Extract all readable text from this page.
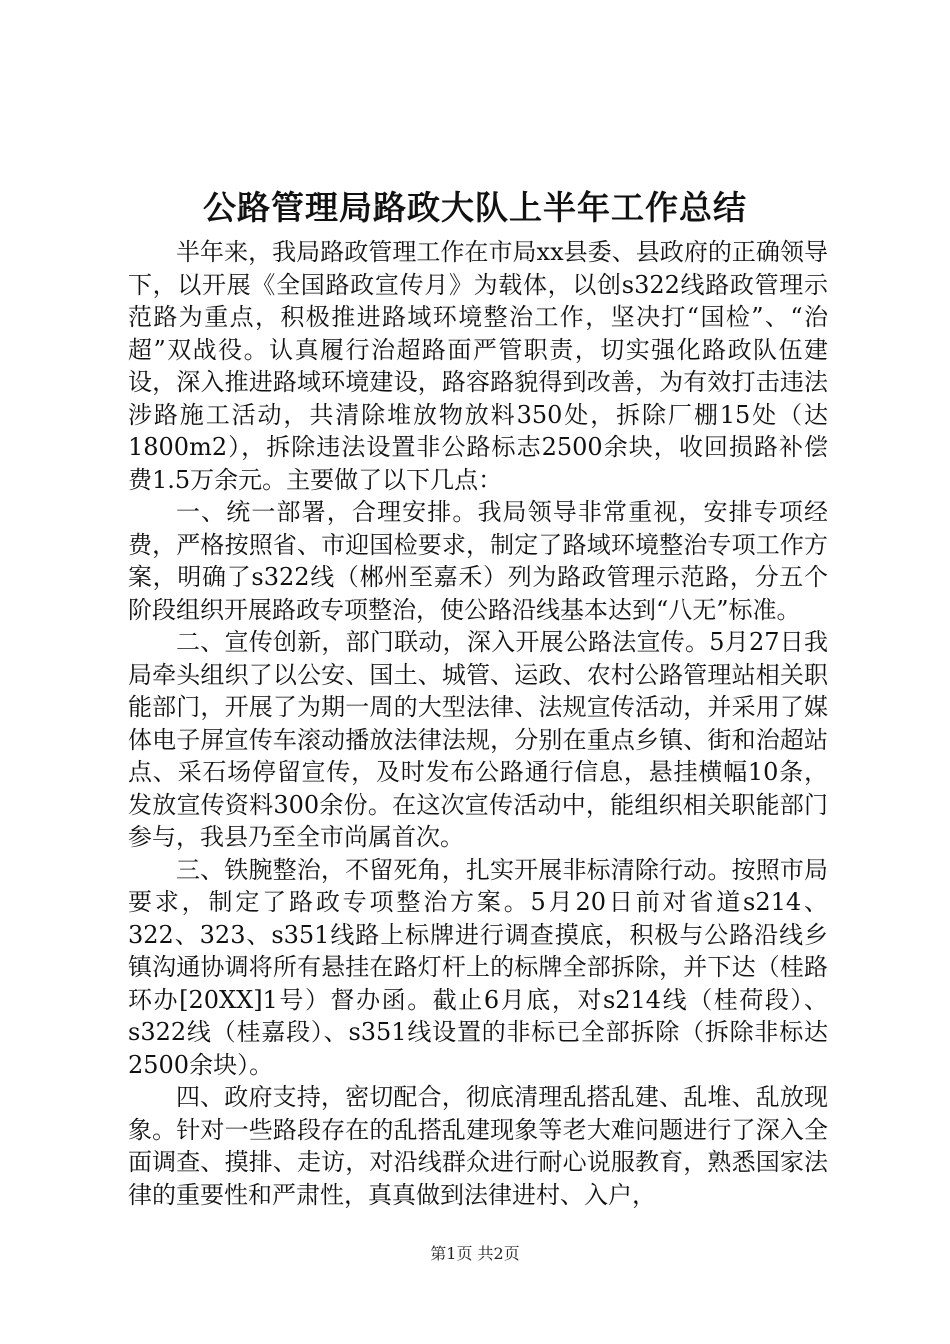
公路管理局路政大队上半年工作总结

半年来，我局路政管理工作在市局xx县委、县政府的正确领导下，以开展《全国路政宣传月》为载体，以创s322线路政管理示范路为重点，积极推进路域环境整治工作，坚决打“国检”、“治超”双战役。认真履行治超路面严管职责，切实强化路政队伍建设，深入推进路域环境建设，路容路貌得到改善，为有效打击违法涉路施工活动，共清除堆放物放料350处，拆除厂棚15处（达1800m2），拆除违法设置非公路标志2500余块，收回损路补偿费1.5万余元。主要做了以下几点：

一、统一部署，合理安排。我局领导非常重视，安排专项经费，严格按照省、市迎国检要求，制定了路域环境整治专项工作方案，明确了s322线（郴州至嘉禾）列为路政管理示范路，分五个阶段组织开展路政专项整治，使公路沿线基本达到“八无”标准。

二、宣传创新，部门联动，深入开展公路法宣传。5月27日我局牵头组织了以公安、国土、城管、运政、农村公路管理站相关职能部门，开展了为期一周的大型法律、法规宣传活动，并采用了媒体电子屏宣传车滚动播放法律法规，分别在重点乡镇、街和治超站点、采石场停留宣传，及时发布公路通行信息，悬挂横幅10条，发放宣传资料300余份。在这次宣传活动中，能组织相关职能部门参与，我县乃至全市尚属首次。

三、铁腕整治，不留死角，扎实开展非标清除行动。按照市局要求，制定了路政专项整治方案。5月20日前对省道s214、322、323、s351线路上标牌进行调查摸底，积极与公路沿线乡镇沟通协调将所有悬挂在路灯杆上的标牌全部拆除，并下达（桂路环办[20XX]1号）督办函。截止6月底，对s214线（桂荷段）、s322线（桂嘉段）、s351线设置的非标已全部拆除（拆除非标达2500余块）。

四、政府支持，密切配合，彻底清理乱搭乱建、乱堆、乱放现象。针对一些路段存在的乱搭乱建现象等老大难问题进行了深入全面调查、摸排、走访，对沿线群众进行耐心说服教育，熟悉国家法律的重要性和严肃性，真真做到法律进村、入户，

第1页 共2页
